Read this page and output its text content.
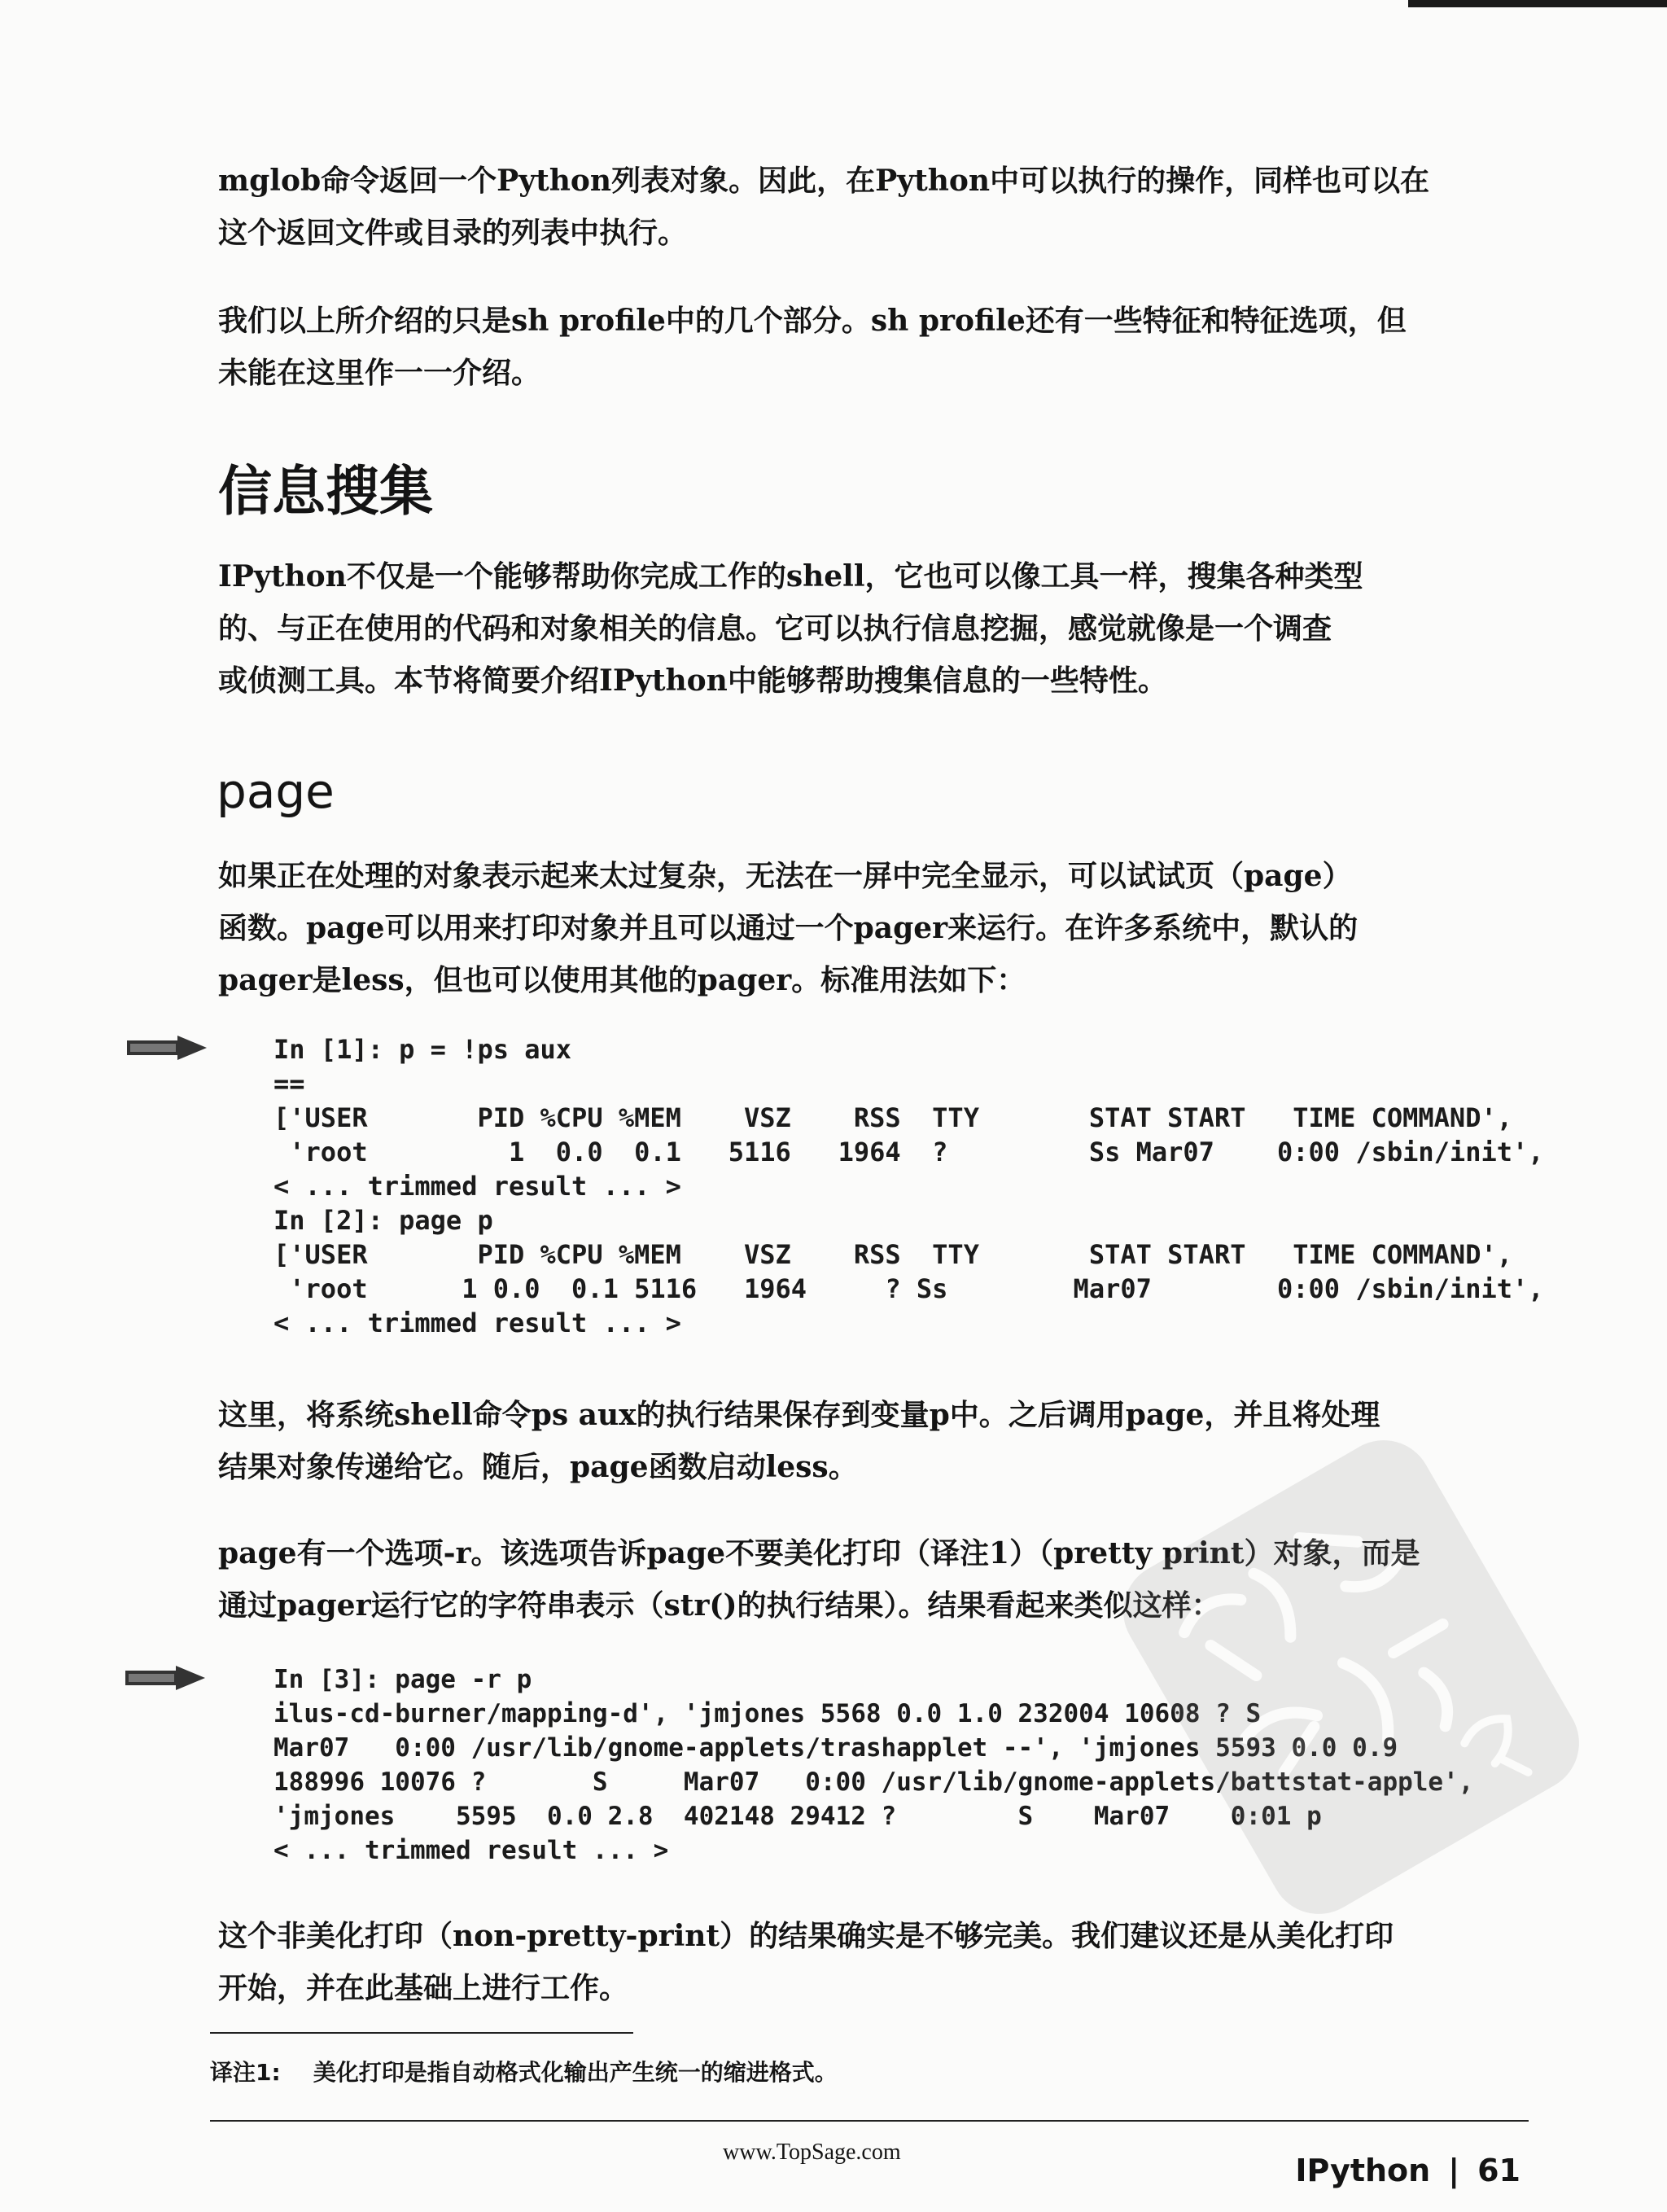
mglob命令返回一个Python列表对象。因此，在Python中可以执行的操作，同样也可以在
这个返回文件或目录的列表中执行。

我们以上所介绍的只是sh profile中的几个部分。sh profile还有一些特征和特征选项，但
未能在这里作一一介绍。

信息搜集

IPython不仅是一个能够帮助你完成工作的shell，它也可以像工具一样，搜集各种类型
的、与正在使用的代码和对象相关的信息。它可以执行信息挖掘，感觉就像是一个调查
或侦测工具。本节将简要介绍IPython中能够帮助搜集信息的一些特性。

page

如果正在处理的对象表示起来太过复杂，无法在一屏中完全显示，可以试试页（page）
函数。page可以用来打印对象并且可以通过一个pager来运行。在许多系统中，默认的
pager是less，但也可以使用其他的pager。标准用法如下：

In [1]: p = !ps aux
==
['USER       PID %CPU %MEM    VSZ    RSS  TTY       STAT START   TIME COMMAND',
'root         1  0.0  0.1   5116   1964  ?         Ss Mar07    0:00 /sbin/init',
< ... trimmed result ... >
In [2]: page p
['USER       PID %CPU %MEM    VSZ    RSS  TTY       STAT START   TIME COMMAND',
'root      1 0.0  0.1 5116   1964     ? Ss        Mar07        0:00 /sbin/init',
< ... trimmed result ... >

这里，将系统shell命令ps aux的执行结果保存到变量p中。之后调用page，并且将处理
结果对象传递给它。随后，page函数启动less。

page有一个选项-r。该选项告诉page不要美化打印（译注1）（pretty print）对象，而是
通过pager运行它的字符串表示（str()的执行结果）。结果看起来类似这样：

In [3]: page -r p
ilus-cd-burner/mapping-d', 'jmjones 5568 0.0 1.0 232004 10608 ? S
Mar07   0:00 /usr/lib/gnome-applets/trashapplet --', 'jmjones 5593 0.0 0.9
188996 10076 ?       S     Mar07   0:00 /usr/lib/gnome-applets/battstat-apple',
'jmjones    5595  0.0 2.8  402148 29412 ?        S    Mar07    0:01 p
< ... trimmed result ... >

这个非美化打印（non-pretty-print）的结果确实是不够完美。我们建议还是从美化打印
开始，并在此基础上进行工作。

译注1: 美化打印是指自动格式化输出产生统一的缩进格式。

www.TopSage.com
IPython | 61
